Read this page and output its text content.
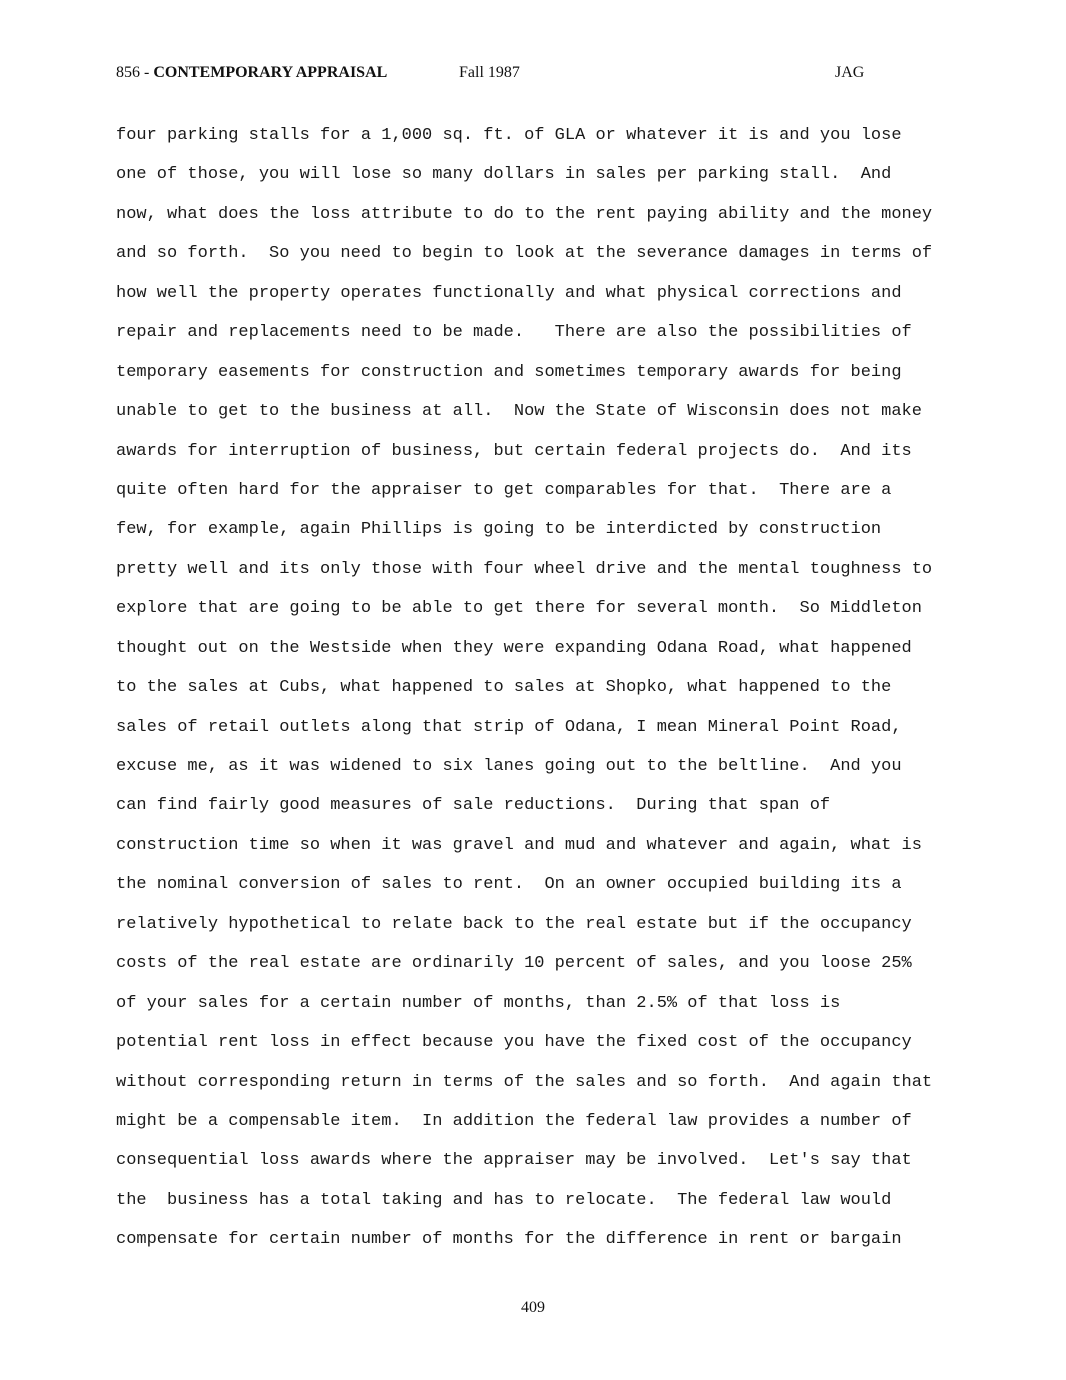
856 - CONTEMPORARY APPRAISAL	Fall 1987	JAG
four parking stalls for a 1,000 sq. ft. of GLA or whatever it is and you lose
one of those, you will lose so many dollars in sales per parking stall.  And
now, what does the loss attribute to do to the rent paying ability and the money
and so forth.  So you need to begin to look at the severance damages in terms of
how well the property operates functionally and what physical corrections and
repair and replacements need to be made.   There are also the possibilities of
temporary easements for construction and sometimes temporary awards for being
unable to get to the business at all.  Now the State of Wisconsin does not make
awards for interruption of business, but certain federal projects do.  And its
quite often hard for the appraiser to get comparables for that.  There are a
few, for example, again Phillips is going to be interdicted by construction
pretty well and its only those with four wheel drive and the mental toughness to
explore that are going to be able to get there for several month.  So Middleton
thought out on the Westside when they were expanding Odana Road, what happened
to the sales at Cubs, what happened to sales at Shopko, what happened to the
sales of retail outlets along that strip of Odana, I mean Mineral Point Road,
excuse me, as it was widened to six lanes going out to the beltline.  And you
can find fairly good measures of sale reductions.  During that span of
construction time so when it was gravel and mud and whatever and again, what is
the nominal conversion of sales to rent.  On an owner occupied building its a
relatively hypothetical to relate back to the real estate but if the occupancy
costs of the real estate are ordinarily 10 percent of sales, and you loose 25%
of your sales for a certain number of months, than 2.5% of that loss is
potential rent loss in effect because you have the fixed cost of the occupancy
without corresponding return in terms of the sales and so forth.  And again that
might be a compensable item.  In addition the federal law provides a number of
consequential loss awards where the appraiser may be involved.  Let's say that
the  business has a total taking and has to relocate.  The federal law would
compensate for certain number of months for the difference in rent or bargain
409
